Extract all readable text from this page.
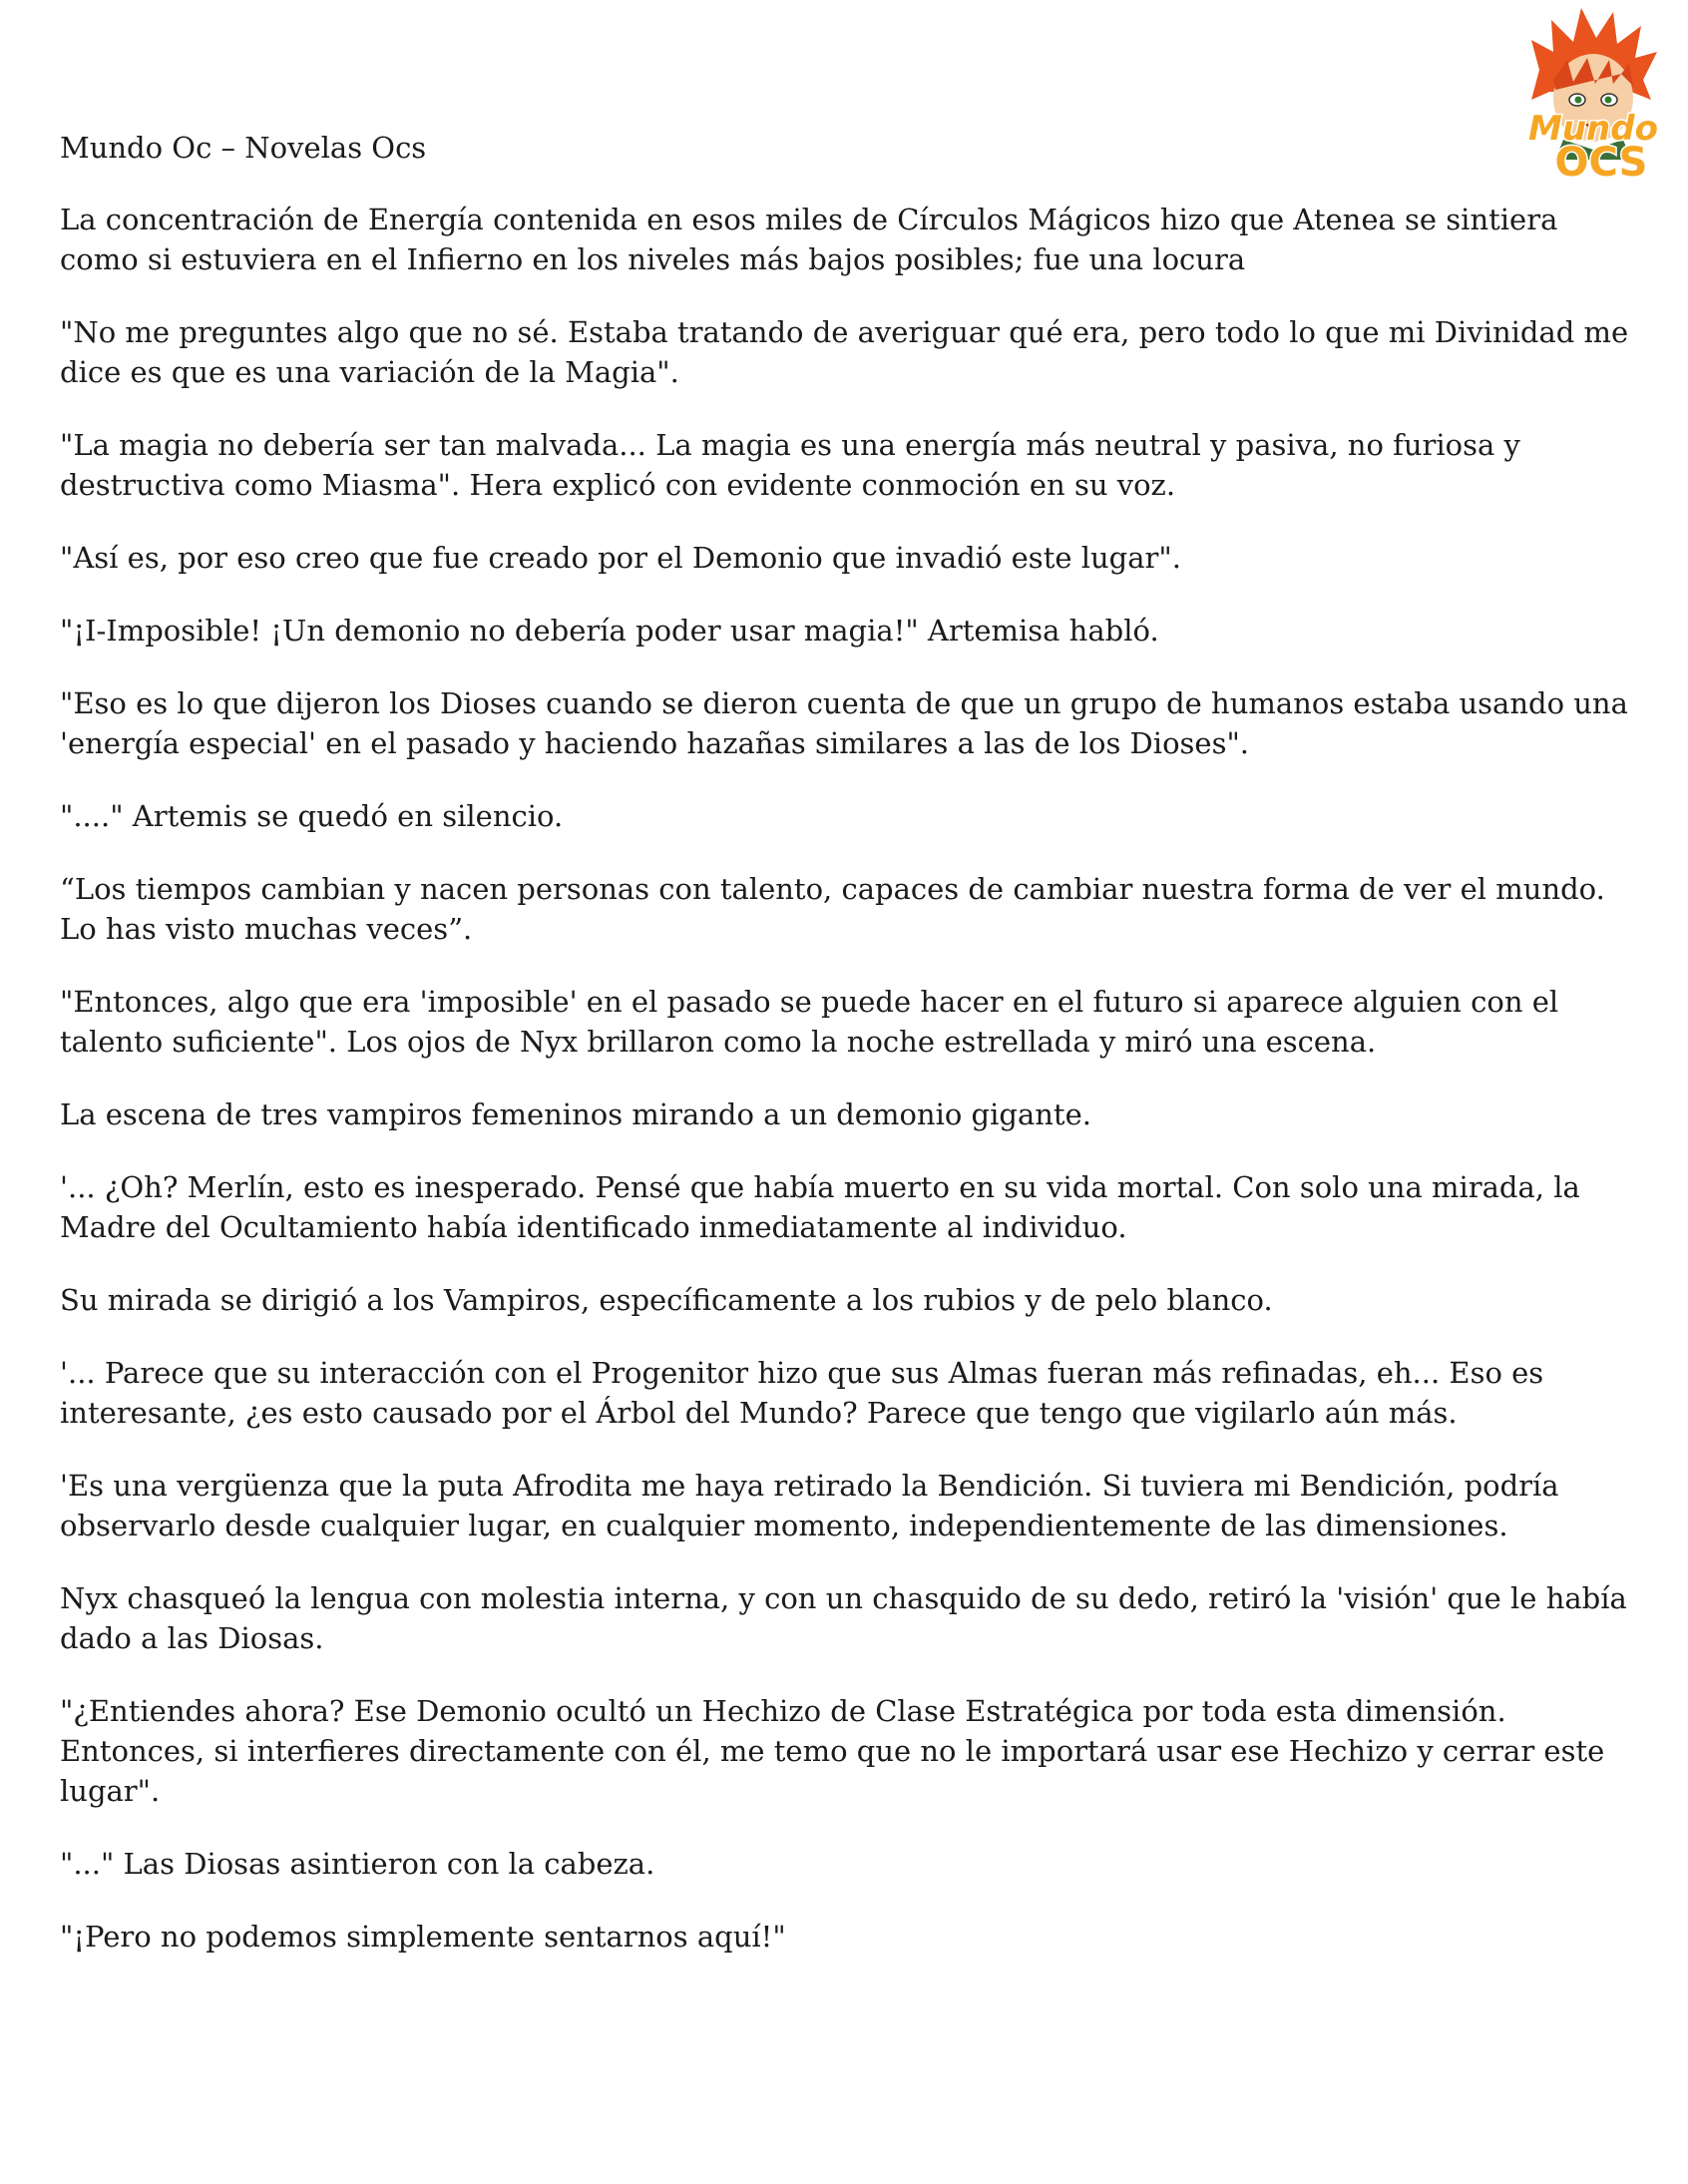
Mundo
OCS

Mundo Oc – Novelas Ocs

La concentración de Energía contenida en esos miles de Círculos Mágicos hizo que Atenea se sintiera como si estuviera en el Infierno en los niveles más bajos posibles; fue una locura

"No me preguntes algo que no sé. Estaba tratando de averiguar qué era, pero todo lo que mi Divinidad me dice es que es una variación de la Magia".

"La magia no debería ser tan malvada... La magia es una energía más neutral y pasiva, no furiosa y destructiva como Miasma". Hera explicó con evidente conmoción en su voz.

"Así es, por eso creo que fue creado por el Demonio que invadió este lugar".

"¡I-Imposible! ¡Un demonio no debería poder usar magia!" Artemisa habló.

"Eso es lo que dijeron los Dioses cuando se dieron cuenta de que un grupo de humanos estaba usando una 'energía especial' en el pasado y haciendo hazañas similares a las de los Dioses".

"...." Artemis se quedó en silencio.

“Los tiempos cambian y nacen personas con talento, capaces de cambiar nuestra forma de ver el mundo. Lo has visto muchas veces”.

"Entonces, algo que era 'imposible' en el pasado se puede hacer en el futuro si aparece alguien con el talento suficiente". Los ojos de Nyx brillaron como la noche estrellada y miró una escena.

La escena de tres vampiros femeninos mirando a un demonio gigante.

'... ¿Oh? Merlín, esto es inesperado. Pensé que había muerto en su vida mortal. Con solo una mirada, la Madre del Ocultamiento había identificado inmediatamente al individuo.

Su mirada se dirigió a los Vampiros, específicamente a los rubios y de pelo blanco.

'... Parece que su interacción con el Progenitor hizo que sus Almas fueran más refinadas, eh... Eso es interesante, ¿es esto causado por el Árbol del Mundo? Parece que tengo que vigilarlo aún más.

'Es una vergüenza que la puta Afrodita me haya retirado la Bendición. Si tuviera mi Bendición, podría observarlo desde cualquier lugar, en cualquier momento, independientemente de las dimensiones.

Nyx chasqueó la lengua con molestia interna, y con un chasquido de su dedo, retiró la 'visión' que le había dado a las Diosas.

"¿Entiendes ahora? Ese Demonio ocultó un Hechizo de Clase Estratégica por toda esta dimensión. Entonces, si interfieres directamente con él, me temo que no le importará usar ese Hechizo y cerrar este lugar".

"..." Las Diosas asintieron con la cabeza.

"¡Pero no podemos simplemente sentarnos aquí!"
